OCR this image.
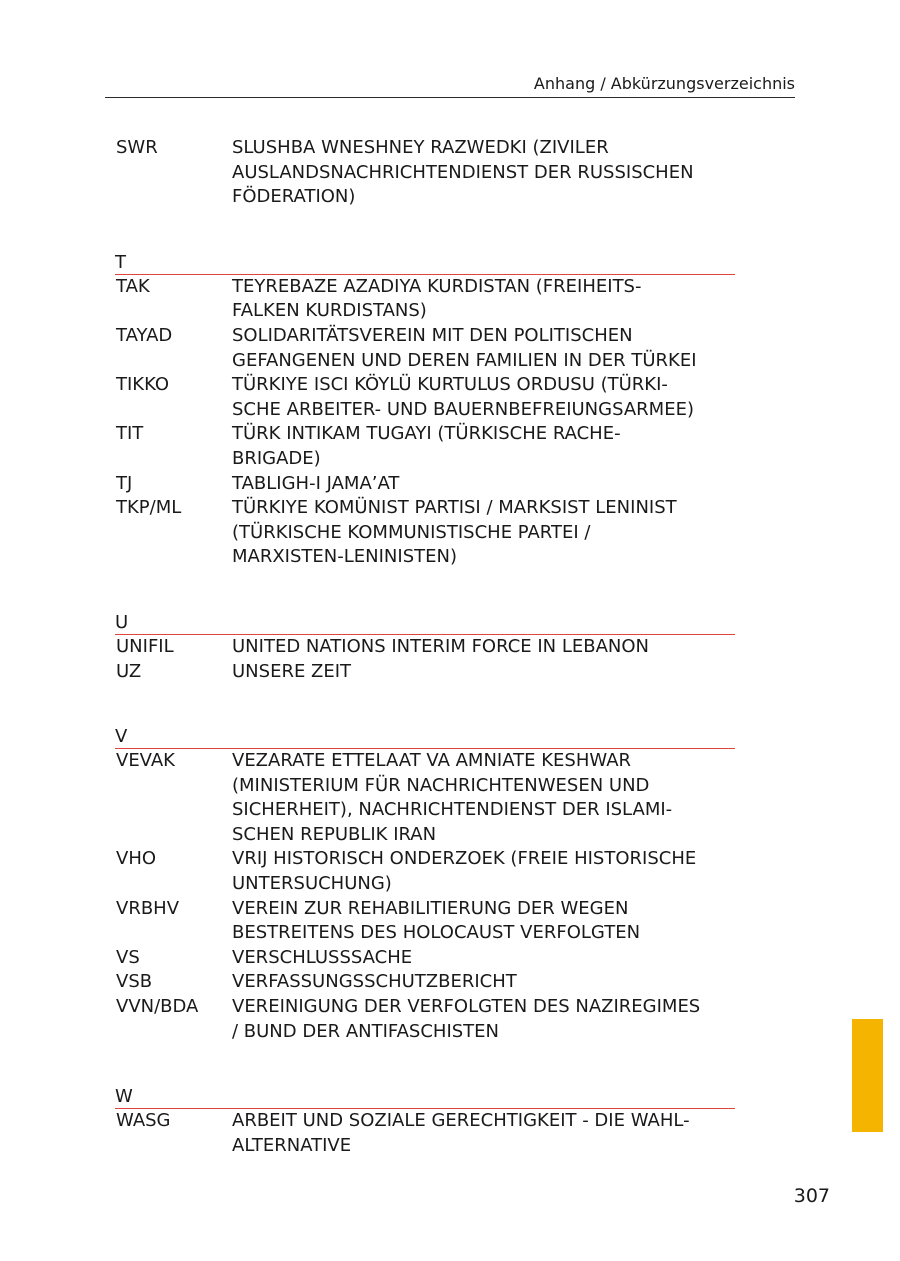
Anhang / Abkürzungsverzeichnis
SWR	SLUSHBA WNESHNEY RAZWEDKI (ZIVILER
AUSLANDSNACHRICHTENDIENST DER RUSSISCHEN
FÖDERATION)
T
TAK	TEYREBAZE AZADIYA KURDISTAN (FREIHEITS-
FALKEN KURDISTANS)
TAYAD	SOLIDARITÄTSVEREIN MIT DEN POLITISCHEN
GEFANGENEN UND DEREN FAMILIEN IN DER TÜRKEI
TIKKO	TÜRKIYE ISCI KÖYLÜ KURTULUS ORDUSU (TÜRKI-
SCHE ARBEITER- UND BAUERNBEFREIUNGSARMEE)
TIT	TÜRK INTIKAM TUGAYI (TÜRKISCHE RACHE-
BRIGADE)
TJ	TABLIGH-I JAMA’AT
TKP/ML	TÜRKIYE KOMÜNIST PARTISI / MARKSIST LENINIST
(TÜRKISCHE KOMMUNISTISCHE PARTEI /
MARXISTEN-LENINISTEN)
U
UNIFIL	UNITED NATIONS INTERIM FORCE IN LEBANON
UZ	UNSERE ZEIT
V
VEVAK	VEZARATE ETTELAAT VA AMNIATE KESHWAR
(MINISTERIUM FÜR NACHRICHTENWESEN UND
SICHERHEIT), NACHRICHTENDIENST DER ISLAMI-
SCHEN REPUBLIK IRAN
VHO	VRIJ HISTORISCH ONDERZOEK (FREIE HISTORISCHE
UNTERSUCHUNG)
VRBHV	VEREIN ZUR REHABILITIERUNG DER WEGEN
BESTREITENS DES HOLOCAUST VERFOLGTEN
VS	VERSCHLUSSSACHE
VSB	VERFASSUNGSSCHUTZBERICHT
VVN/BDA	VEREINIGUNG DER VERFOLGTEN DES NAZIREGIMES
/ BUND DER ANTIFASCHISTEN
W
WASG	ARBEIT UND SOZIALE GERECHTIGKEIT - DIE WAHL-
ALTERNATIVE
307
